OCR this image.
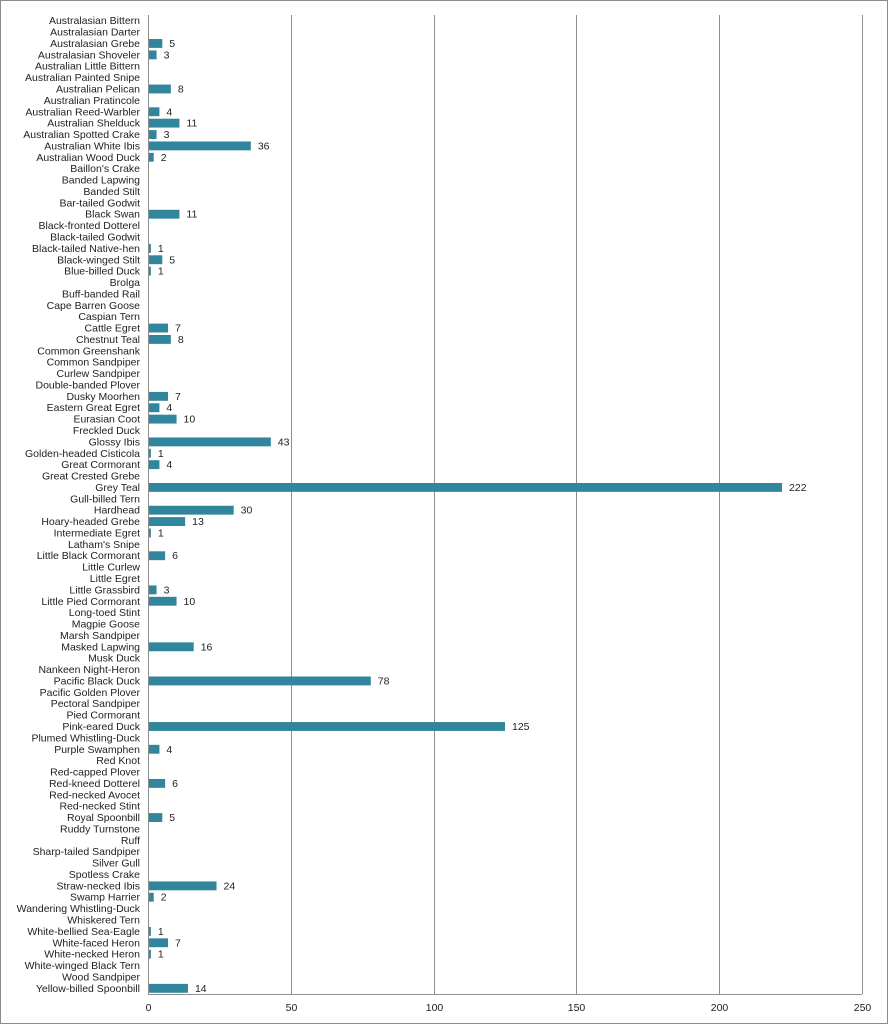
0	50	100	150	200	250
Australasian Bittern
Australasian Darter
Australasian Grebe	5
Australasian Shoveler 3
Australian Little Bittern
Australian Painted Snipe
Australian Pelican	8
Australian Pratincole
Australian Reed-Warbler	4
Australian Shelduck	11
Australian Spotted Crake 3
Australian White Ibis	36
Australian Wood Duck 2
Baillon's Crake
Banded Lapwing
Banded Stilt
Bar-tailed Godwit
Black Swan	11
Black-fronted Dotterel
Black-tailed Godwit
Black-tailed Native-hen 1
Black-winged Stilt	5
Blue-billed Duck 1
Brolga
Buff-banded Rail
Cape Barren Goose
Caspian Tern
Cattle Egret	7
Chestnut Teal	8
Common Greenshank
Common Sandpiper
Curlew Sandpiper
Double-banded Plover
Dusky Moorhen	7
Eastern Great Egret	4
Eurasian Coot	10
Freckled Duck
Glossy Ibis	43
Golden-headed Cisticola 1
Great Cormorant	4
Great Crested Grebe
Grey Teal	222
Gull-billed Tern
Hardhead	30
Hoary-headed Grebe	13
Intermediate Egret 1
Latham's Snipe
Little Black Cormorant	6
Little Curlew
Little Egret
Little Grassbird 3
Little Pied Cormorant	10
Long-toed Stint
Magpie Goose
Marsh Sandpiper
Masked Lapwing	16
Musk Duck
Nankeen Night-Heron
Pacific Black Duck	78
Pacific Golden Plover
Pectoral Sandpiper
Pied Cormorant
Pink-eared Duck	125
Plumed Whistling-Duck
Purple Swamphen	4
Red Knot
Red-capped Plover
Red-kneed Dotterel	6
Red-necked Avocet
Red-necked Stint
Royal Spoonbill	5
Ruddy Turnstone
Ruff
Sharp-tailed Sandpiper
Silver Gull
Spotless Crake
Straw-necked Ibis	24
Swamp Harrier 2
Wandering Whistling-Duck
Whiskered Tern
White-bellied Sea-Eagle 1
White-faced Heron	7
White-necked Heron 1
White-winged Black Tern
Wood Sandpiper
Yellow-billed Spoonbill	14
